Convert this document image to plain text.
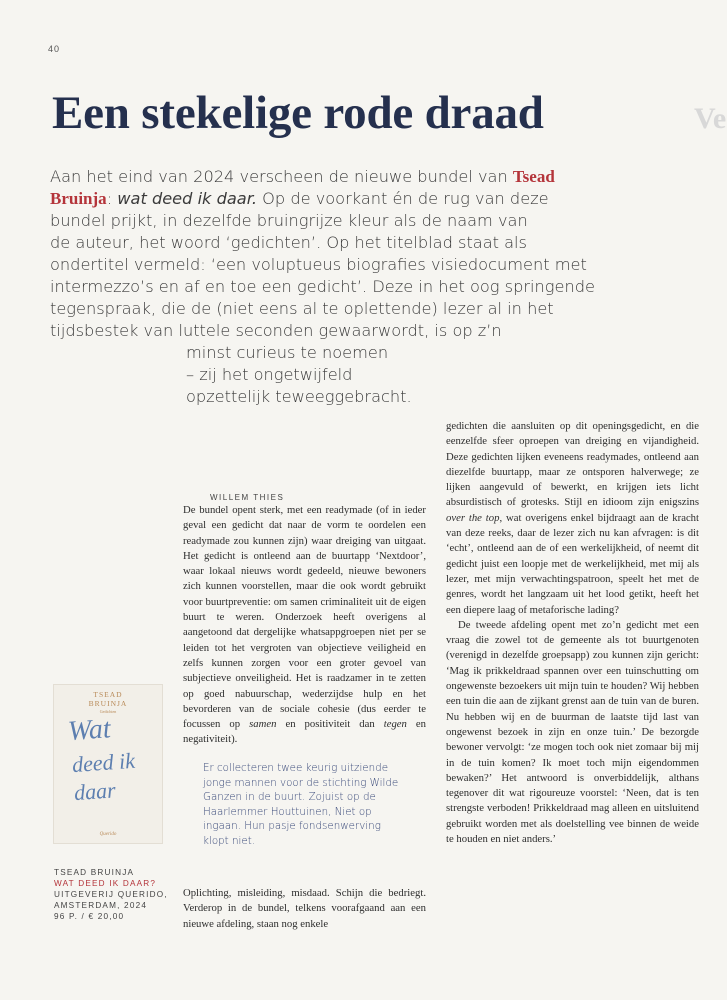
40
Een stekelige rode draad	Ve

Aan het eind van 2024 verscheen de nieuwe bundel van Tsead

Bruinja: wat deed ik daar. Op de voorkant én de rug van deze

bundel prijkt, in dezelfde bruingrijze kleur als de naam van

de auteur, het woord ‘gedichten’. Op het titelblad staat als

ondertitel vermeld: ‘een voluptueus biografies visiedocument met

intermezzo’s en af en toe een gedicht’. Deze in het oog springende

tegenspraak, die de (niet eens al te oplettende) lezer al in het

tijdsbestek van luttele seconden gewaarwordt, is op z’n

minst curieus te noemen

– zij het ongetwijfeld

opzettelijk teweeggebracht.

WILLEM THIES

De bundel opent sterk, met een readymade (of in ieder geval een gedicht dat naar de vorm te oordelen een readymade zou kunnen zijn) waar dreiging van uitgaat. Het gedicht is ontleend aan de buurtapp ‘Nextdoor’, waar lokaal nieuws wordt gedeeld, nieuwe bewoners zich kunnen voorstellen, maar die ook wordt gebruikt voor buurtpreventie: om samen criminaliteit uit de eigen buurt te weren. Onderzoek heeft overigens al aangetoond dat dergelijke whatsappgroepen niet per se leiden tot het vergroten van objectieve veiligheid en zelfs kunnen zorgen voor een groter gevoel van subjectieve onveiligheid. Het is raadzamer in te zetten op goed nabuurschap, wederzijdse hulp en het bevorderen van de sociale cohesie (dus eerder te focussen op samen en positiviteit dan tegen en negativiteit).

Er collecteren twee keurig uitziende jonge mannen voor de stichting Wilde Ganzen in de buurt. Zojuist op de Haarlemmer Houttuinen, Niet op ingaan. Hun pasje fondsenwerving klopt niet.

Oplichting, misleiding, misdaad. Schijn die bedriegt. Verderop in de bundel, telkens voorafgaand aan een nieuwe afdeling, staan nog enkele

gedichten die aansluiten op dit openingsgedicht, en die eenzelfde sfeer oproepen van dreiging en vijandigheid. Deze gedichten lijken eveneens readymades, ontleend aan diezelfde buurtapp, maar ze ontsporen halverwege; ze lijken aangevuld of bewerkt, en krijgen iets licht absurdistisch of grotesks. Stijl en idioom zijn enigszins over the top, wat overigens enkel bijdraagt aan de kracht van deze reeks, daar de lezer zich nu kan afvragen: is dit ‘echt’, ontleend aan de of een werkelijkheid, of neemt dit gedicht juist een loopje met de werkelijkheid, met mij als lezer, met mijn verwachtingspatroon, speelt het met de genres, wordt het langzaam uit het lood getikt, heeft het een diepere laag of metaforische lading?

De tweede afdeling opent met zo’n gedicht met een vraag die zowel tot de gemeente als tot buurtgenoten (verenigd in dezelfde groepsapp) zou kunnen zijn gericht: ‘Mag ik prikkeldraad spannen over een tuinschutting om ongewenste bezoekers uit mijn tuin te houden? Wij hebben een tuin die aan de zijkant grenst aan de tuin van de buren. Nu hebben wij en de buurman de laatste tijd last van ongewenst bezoek in zijn en onze tuin.’ De bezorgde bewoner vervolgt: ‘ze mogen toch ook niet zomaar bij mij in de tuin komen? Ik moet toch mijn eigendommen bewaken?’ Het antwoord is onverbiddelijk, althans tegenover dit wat rigoureuze voorstel: ‘Neen, dat is ten strengste verboden! Prikkeldraad mag alleen en uitsluitend gebruikt worden met als doelstelling vee binnen de weide te houden en niet anders.’

TSEAD
BRUINJA
Gedichten
Wat
deed ik
daar
Querido
TSEAD BRUINJA
WAT DEED IK DAAR?
UITGEVERIJ QUERIDO,
AMSTERDAM, 2024
96 P. / € 20,00
